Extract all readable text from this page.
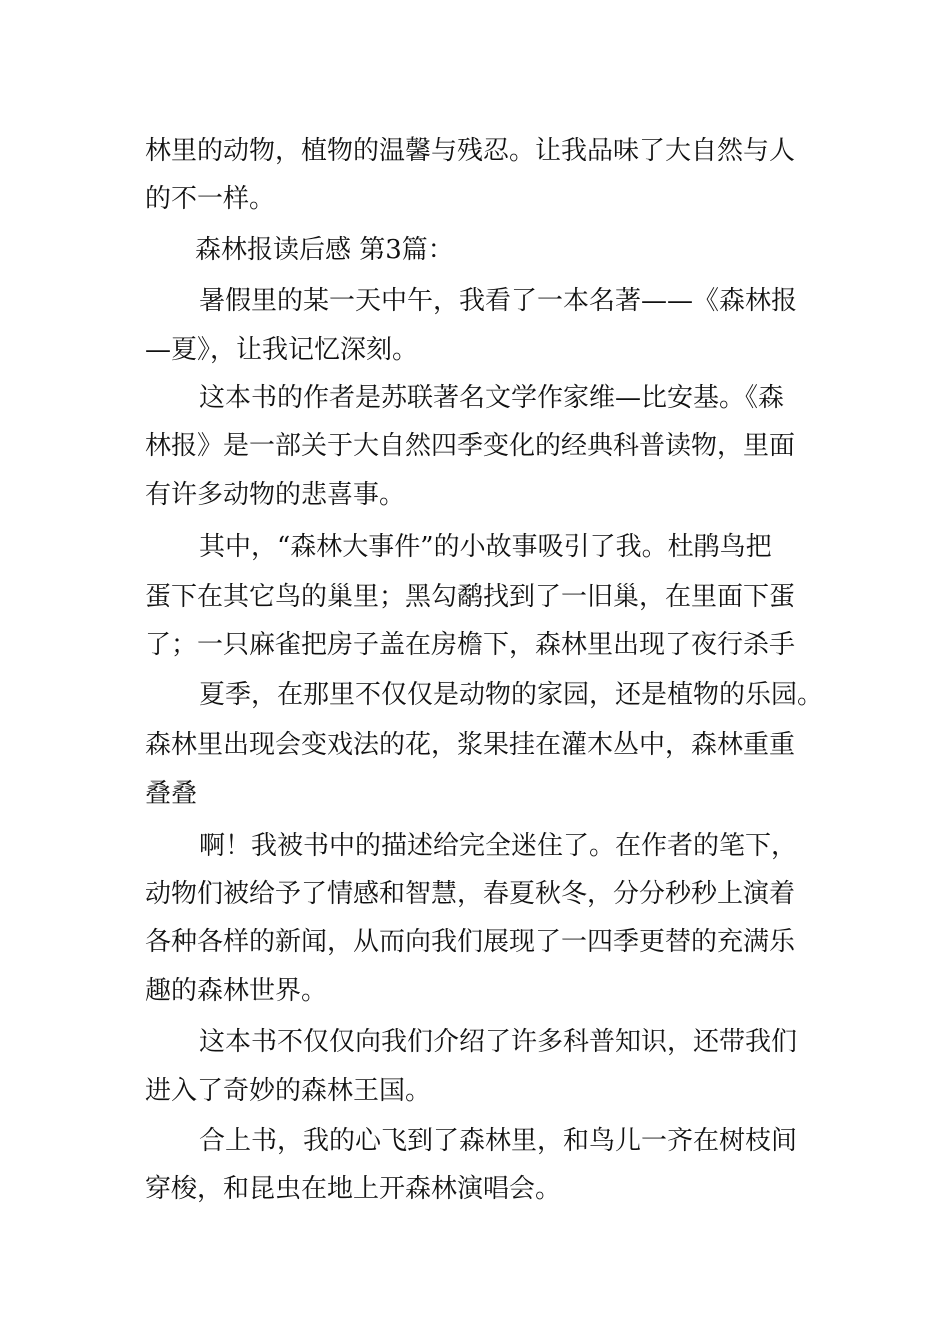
林里的动物，植物的温馨与残忍。让我品味了大自然与人
的不一样。
森林报读后感 第3篇：
暑假里的某一天中午，我看了一本名著——《森林报
—夏》，让我记忆深刻。
这本书的作者是苏联著名文学作家维—比安基。《森
林报》是一部关于大自然四季变化的经典科普读物，里面
有许多动物的悲喜事。
其中，“森林大事件”的小故事吸引了我。杜鹃鸟把
蛋下在其它鸟的巢里；黑勾鹬找到了一旧巢，在里面下蛋
了；一只麻雀把房子盖在房檐下，森林里出现了夜行杀手
夏季，在那里不仅仅是动物的家园，还是植物的乐园。
森林里出现会变戏法的花，浆果挂在灌木丛中，森林重重
叠叠
啊！我被书中的描述给完全迷住了。在作者的笔下，
动物们被给予了情感和智慧，春夏秋冬，分分秒秒上演着
各种各样的新闻，从而向我们展现了一四季更替的充满乐
趣的森林世界。
这本书不仅仅向我们介绍了许多科普知识，还带我们
进入了奇妙的森林王国。
合上书，我的心飞到了森林里，和鸟儿一齐在树枝间
穿梭，和昆虫在地上开森林演唱会。
